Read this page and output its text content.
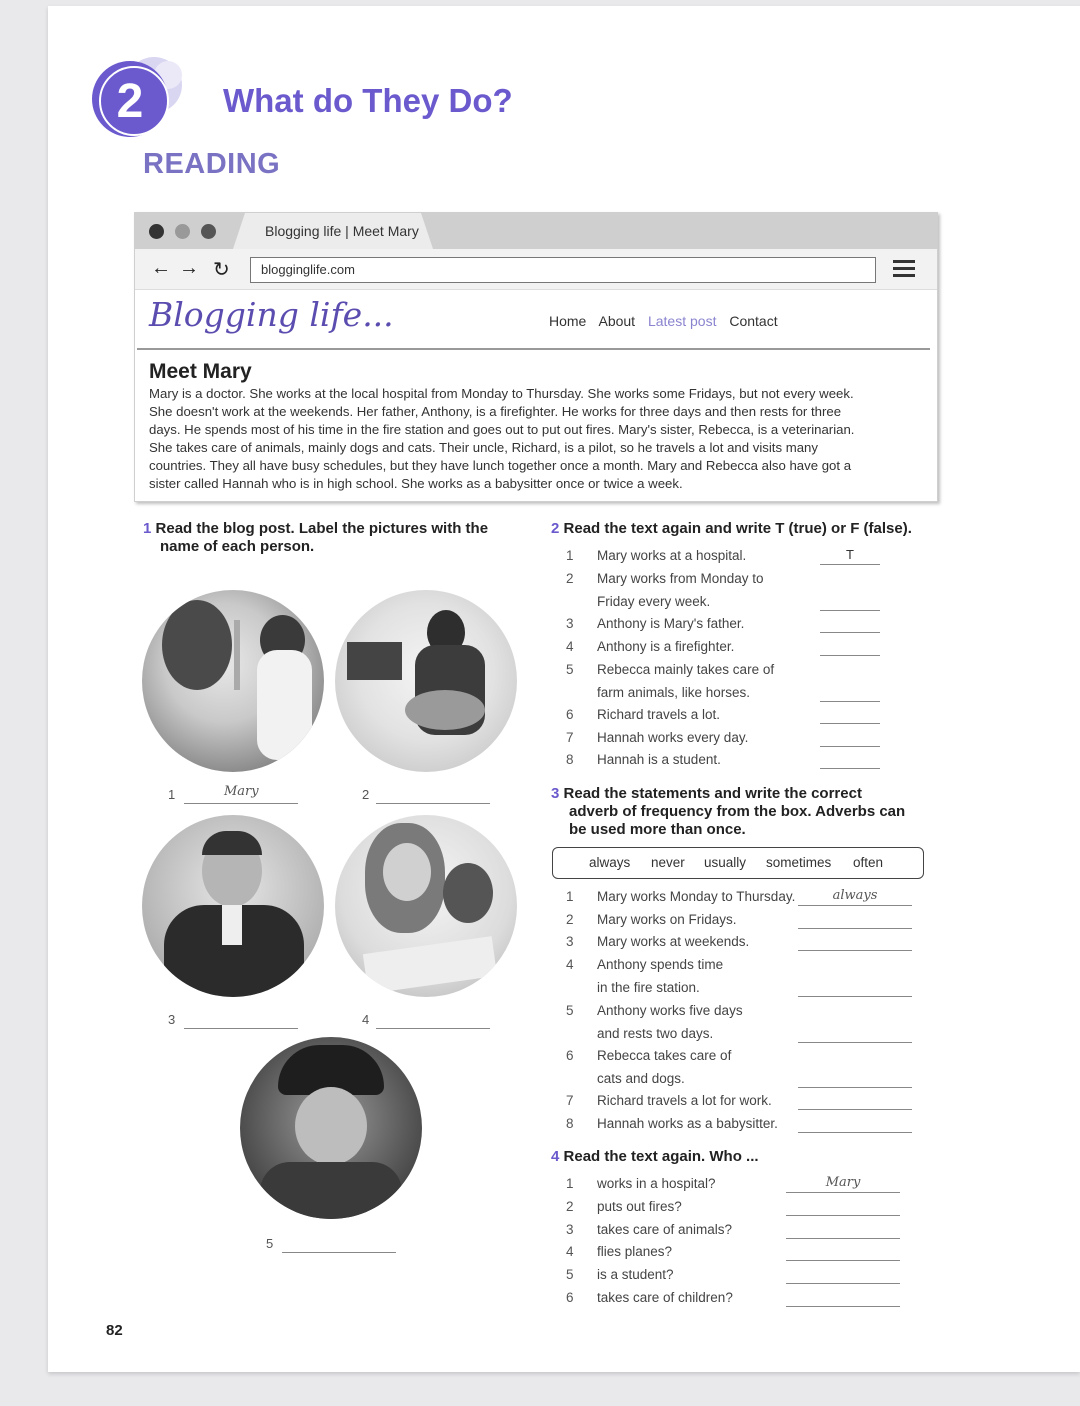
2 What do They Do?
READING
Blogging life | Meet Mary
← → ↻ blogginglife.com
Blogging life...	Home About Latest post Contact
Meet Mary
Mary is a doctor. She works at the local hospital from Monday to Thursday. She works some Fridays, but not every week.
She doesn't work at the weekends. Her father, Anthony, is a firefighter. He works for three days and then rests for three
days. He spends most of his time in the fire station and goes out to put out fires. Mary's sister, Rebecca, is a veterinarian.
She takes care of animals, mainly dogs and cats. Their uncle, Richard, is a pilot, so he travels a lot and visits many
countries. They all have busy schedules, but they have lunch together once a month. Mary and Rebecca also have got a
sister called Hannah who is in high school. She works as a babysitter once or twice a week.
1 Read the blog post. Label the pictures with the
name of each person.
1	Mary	2
3	4
5
2 Read the text again and write T (true) or F (false).
1 Mary works at a hospital.	T
2 Mary works from Monday to
Friday every week.
3 Anthony is Mary's father.
4 Anthony is a firefighter.
5 Rebecca mainly takes care of
farm animals, like horses.
6 Richard travels a lot.
7 Hannah works every day.
8 Hannah is a student.
3 Read the statements and write the correct
adverb of frequency from the box. Adverbs can
be used more than once.
always never usually sometimes often
1 Mary works Monday to Thursday.	always
2 Mary works on Fridays.
3 Mary works at weekends.
4 Anthony spends time
in the fire station.
5 Anthony works five days
and rests two days.
6 Rebecca takes care of
cats and dogs.
7 Richard travels a lot for work.
8 Hannah works as a babysitter.
4 Read the text again. Who ...
1 works in a hospital?	Mary
2 puts out fires?
3 takes care of animals?
4 flies planes?
5 is a student?
6 takes care of children?
82
